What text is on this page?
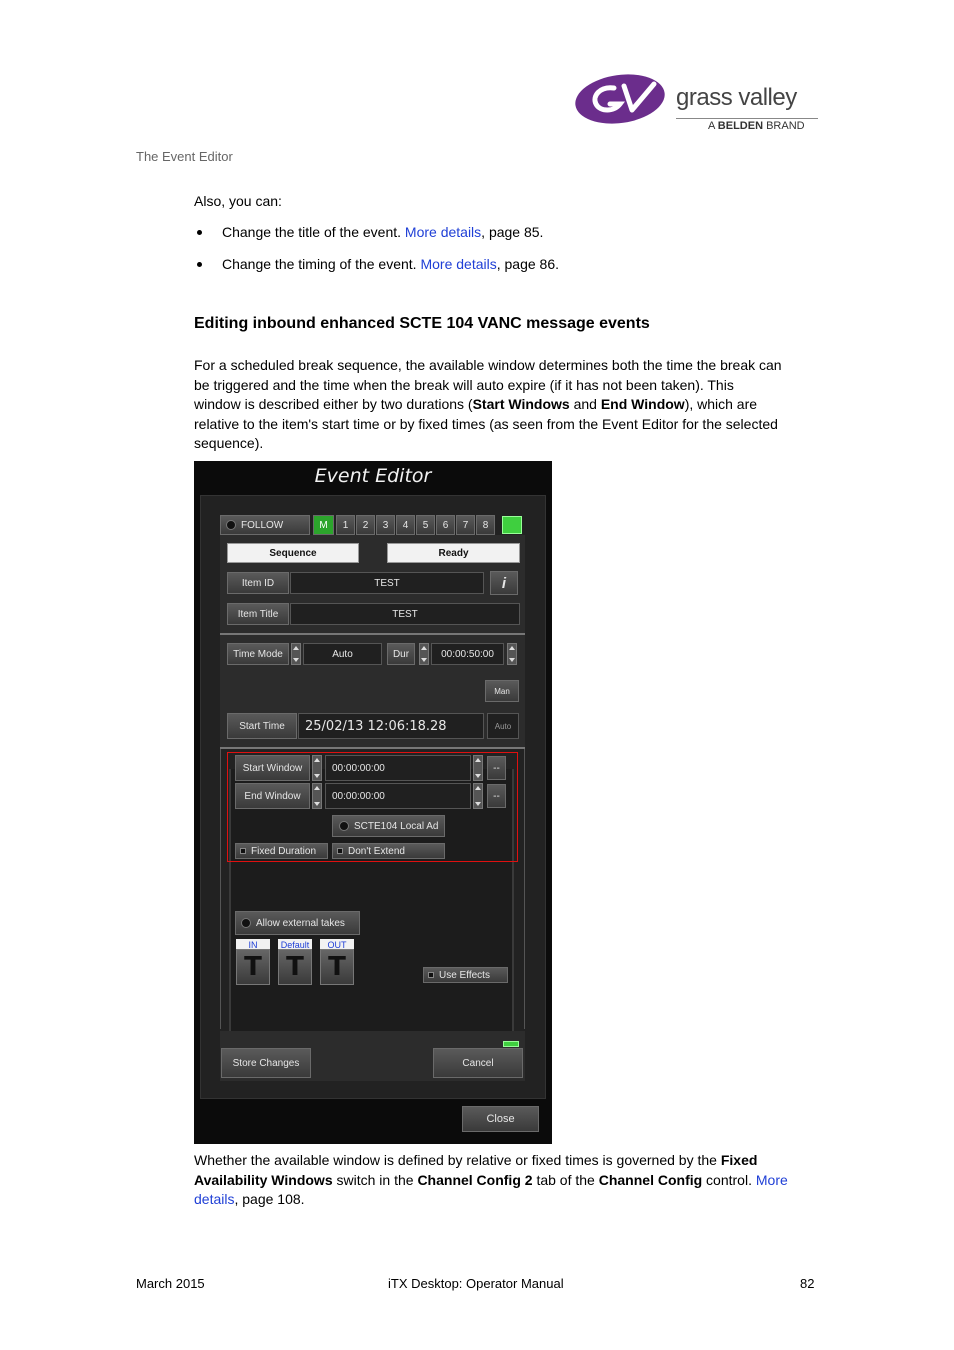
grass valley
A BELDEN BRAND
The Event Editor
Also, you can:
Change the title of the event. More details, page 85.
Change the timing of the event. More details, page 86.
Editing inbound enhanced SCTE 104 VANC message events
For a scheduled break sequence, the available window determines both the time the break can
be triggered and the time when the break will auto expire (if it has not been taken). This
window is described either by two durations (Start Windows and End Window), which are
relative to the item's start time or by fixed times (as seen from the Event Editor for the selected
sequence).
Event Editor
FOLLOW	M	1	2	3	4	5	6	7	8
Sequence	Ready
Item ID	TEST	i
Item Title	TEST
Time Mode	Auto	Dur	00:00:50:00
Man
Start Time	25/02/13 12:06:18.28	Auto
Start Window	00:00:00:00	--
End Window	00:00:00:00	--
SCTE104 Local Ad
Fixed Duration	Don't Extend
Allow external takes
IN	Default	OUT
T T T	Use Effects
Store Changes	Cancel
Close
Whether the available window is defined by relative or fixed times is governed by the Fixed
Availability Windows switch in the Channel Config 2 tab of the Channel Config control. More
details, page 108.
March 2015	iTX Desktop: Operator Manual	82
